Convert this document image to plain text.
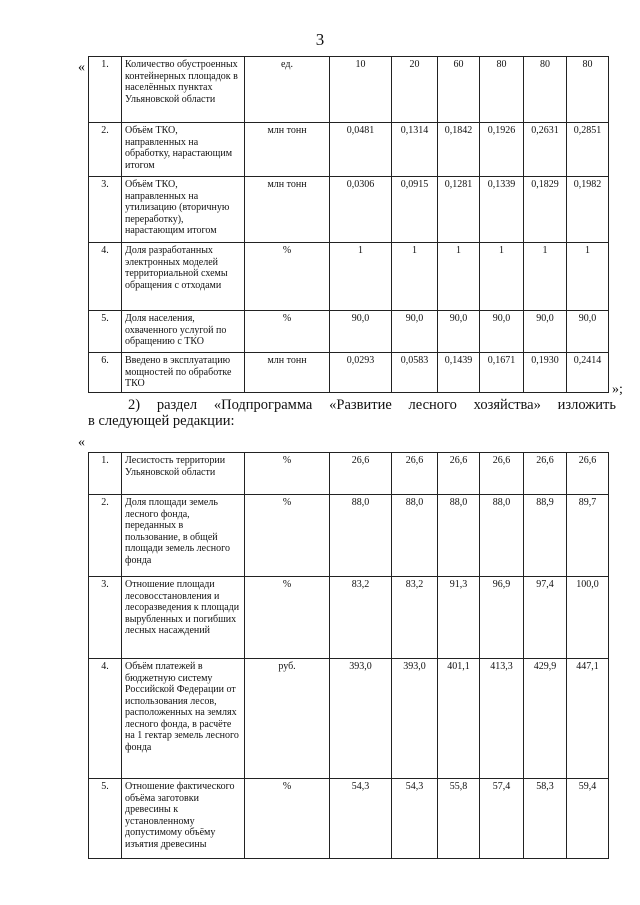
3
« 1.	Количество обустроенных контейнерных площадок в населённых пунктах Ульяновской области	ед.	10	20	60	80	80	80
2.	Объём ТКО, направленных на обработку, нарастающим итогом	млн тонн	0,0481	0,1314	0,1842	0,1926	0,2631	0,2851
3.	Объём ТКО, направленных на утилизацию (вторичную переработку), нарастающим итогом	млн тонн	0,0306	0,0915	0,1281	0,1339	0,1829	0,1982
4.	Доля разработанных электронных моделей территориальной схемы обращения с отходами	%	1	1	1	1	1	1
5.	Доля населения, охваченного услугой по обращению с ТКО	%	90,0	90,0	90,0	90,0	90,0	90,0
6.	Введено в эксплуатацию мощностей по обработке ТКО	млн тонн	0,0293	0,0583	0,1439	0,1671	0,1930	0,2414
»;
2) раздел «Подпрограмма «Развитие лесного хозяйства» изложить
в следующей редакции:
«
1.	Лесистость территории Ульяновской области	%	26,6	26,6	26,6	26,6	26,6	26,6
2.	Доля площади земель лесного фонда, переданных в пользование, в общей площади земель лесного фонда	%	88,0	88,0	88,0	88,0	88,9	89,7
3.	Отношение площади лесовосстановления и лесоразведения к площади вырубленных и погибших лесных насаждений	%	83,2	83,2	91,3	96,9	97,4	100,0
4.	Объём платежей в бюджетную систему Российской Федерации от использования лесов, расположенных на землях лесного фонда, в расчёте на 1 гектар земель лесного фонда	руб.	393,0	393,0	401,1	413,3	429,9	447,1
5.	Отношение фактического объёма заготовки древесины к установленному допустимому объёму изъятия древесины	%	54,3	54,3	55,8	57,4	58,3	59,4
